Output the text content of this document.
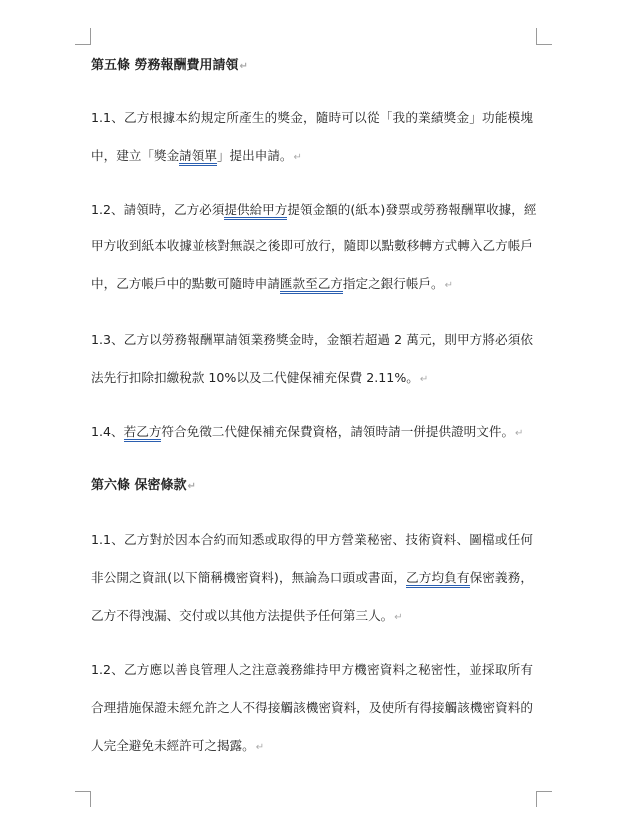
第五條 勞務報酬費用請領↵
1.1、乙方根據本約規定所產生的獎金，隨時可以從「我的業績獎金」功能模塊
中，建立「獎金請領單」提出申請。↵
1.2、請領時，乙方必須提供給甲方提領金額的(紙本)發票或勞務報酬單收據，經
甲方收到紙本收據並核對無誤之後即可放行，隨即以點數移轉方式轉入乙方帳戶
中，乙方帳戶中的點數可隨時申請匯款至乙方指定之銀行帳戶。↵
1.3、乙方以勞務報酬單請領業務獎金時，金額若超過 2 萬元，則甲方將必須依
法先行扣除扣繳稅款 10%以及二代健保補充保費 2.11%。↵
1.4、若乙方符合免徵二代健保補充保費資格，請領時請一併提供證明文件。↵
第六條 保密條款↵
1.1、乙方對於因本合約而知悉或取得的甲方營業秘密、技術資料、圖檔或任何
非公開之資訊(以下簡稱機密資料)，無論為口頭或書面，乙方均負有保密義務，
乙方不得洩漏、交付或以其他方法提供予任何第三人。↵
1.2、乙方應以善良管理人之注意義務維持甲方機密資料之秘密性，並採取所有
合理措施保證未經允許之人不得接觸該機密資料，及使所有得接觸該機密資料的
人完全避免未經許可之揭露。↵
